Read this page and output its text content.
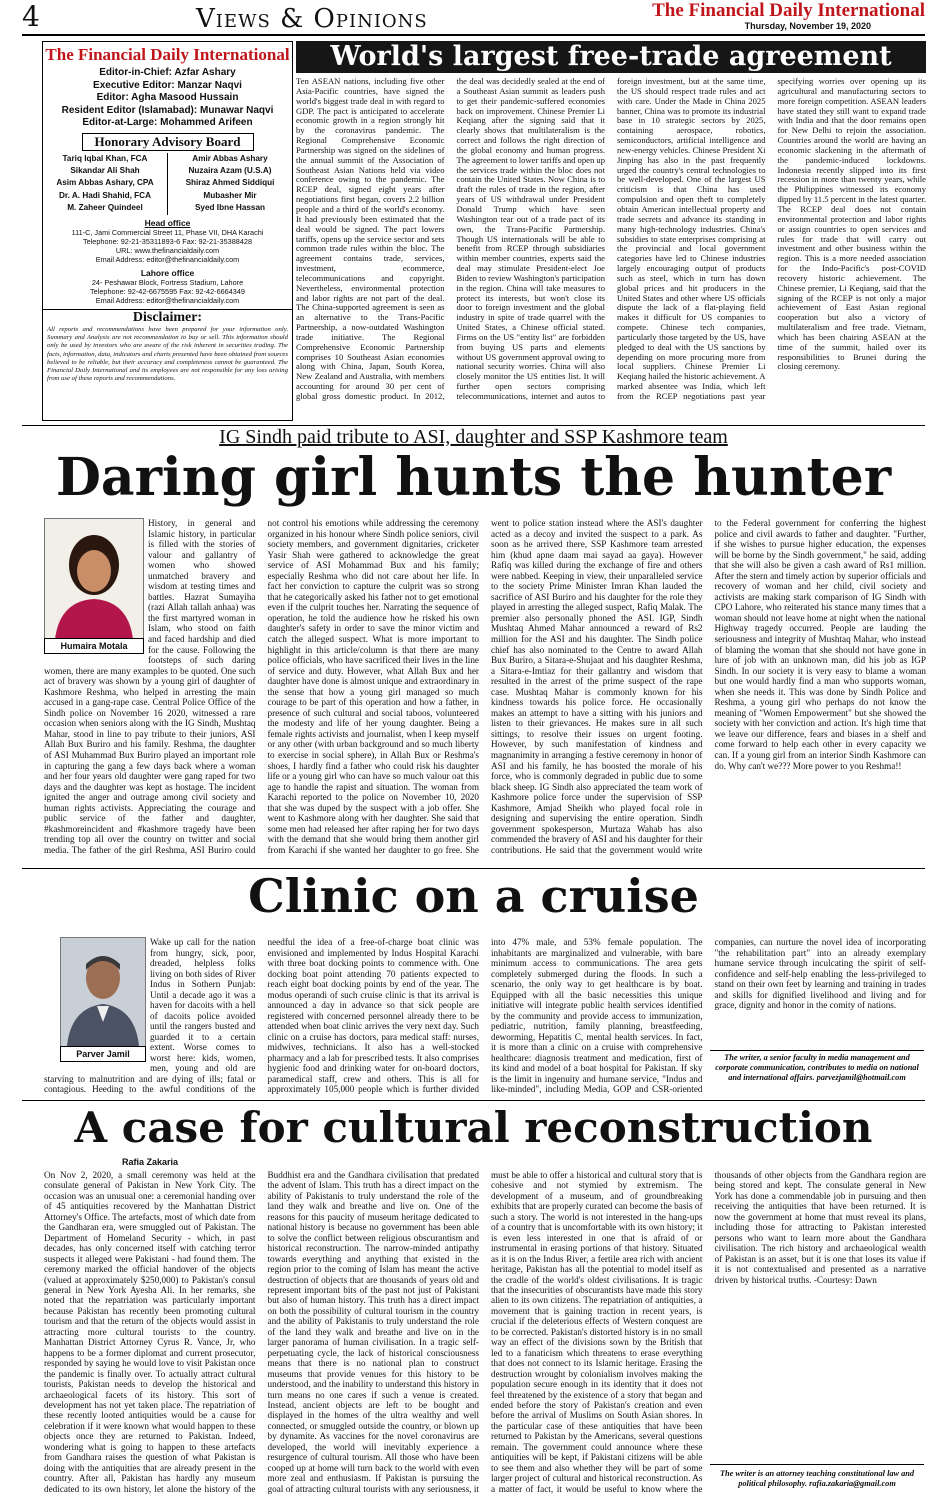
4	Views & Opinions	The Financial Daily International
Thursday, November 19, 2020
The Financial Daily International
Editor-in-Chief: Azfar Ashary
Executive Editor: Manzar Naqvi
Editor: Agha Masood Hussain
Resident Editor (Islamabad): Munawar Naqvi
Editor-at-Large: Mohammed Arifeen
Honorary Advisory Board
Tariq Iqbal Khan, FCA
Sikandar Ali Shah
Asim Abbas Ashary, CPA
Dr. A. Hadi Shahid, FCA
M. Zaheer Quindeel
Amir Abbas Ashary
Nuzaira Azam (U.S.A)
Shiraz Ahmed Siddiqui
Mubasher Mir
Syed Ibne Hassan
Head office
111-C, Jami Commercial Street 11, Phase VII, DHA Karachi
Telephone: 92-21-35311893-6 Fax: 92-21-35388428
URL: www.thefinancialdaily.com
Email Address: editor@thefinancialdaily.com
Lahore office
24- Peshawar Block, Fortress Stadium, Lahore
Telephone: 92-42-6675595 Fax: 92-42-6664349
Email Address: editor@thefinancialdaily.com
Disclaimer:
All reports and recommendations have been prepared for your information only. Summary and Analysis are not recommendation to buy or sell. This information should only be used by investors who are aware of the risk inherent in securities trading. The facts, information, data, indicators and charts presented have been obtained from sources believed to be reliable, but their accuracy and completeness cannot be guaranteed. The Financial Daily International and its employees are not responsible for any loss arising from use of these reports and recommendations.
World's largest free-trade agreement
Ten ASEAN nations, including five other Asia-Pacific countries, have signed the world's biggest trade deal in with regard to GDP. The pact is anticipated to accelerate economic growth in a region strongly hit by the coronavirus pandemic. The Regional Comprehensive Economic Partnership was signed on the sidelines of the annual summit of the Association of Southeast Asian Nations held via video conference owing to the pandemic. The RCEP deal, signed eight years after negotiations first began, covers 2.2 billion people and a third of the world's economy. It had previously been estimated that the deal would be signed. The pact lowers tariffs, opens up the service sector and sets common trade rules within the bloc. The agreement contains trade, services, investment, ecommerce, telecommunications and copyright. Nevertheless, environmental protection and labor rights are not part of the deal. The China-supported agreement is seen as an alternative to the Trans-Pacific Partnership, a now-outdated Washington trade initiative. The Regional Comprehensive Economic Partnership comprises 10 Southeast Asian economies along with China, Japan, South Korea, New Zealand and Australia, with members accounting for around 30 per cent of global gross domestic product. In 2012, the deal was decidedly sealed at the end of a Southeast Asian summit as leaders push to get their pandemic-suffered economies back on improvement. Chinese Premier Li Keqiang after the signing said that it clearly shows that multilateralism is the correct and follows the right direction of the global economy and human progress. The agreement to lower tariffs and open up the services trade within the bloc does not contain the United States. Now China is to draft the rules of trade in the region, after years of US withdrawal under President Donald Trump which have seen Washington tear out of a trade pact of its own, the Trans-Pacific Partnership. Though US internationals will be able to benefit from RCEP through subsidiaries within member countries, experts said the deal may stimulate President-elect Joe Biden to review Washington's participation in the region. China will take measures to protect its interests, but won't close its door to foreign investment and the global industry in spite of trade quarrel with the United States, a Chinese official stated. Firms on the US "entity list" are forbidden from buying US parts and elements without US government approval owing to national security worries. China will also closely monitor the US entities list. It will further open sectors comprising telecommunications, internet and autos to foreign investment, but at the same time, the US should respect trade rules and act with care. Under the Made in China 2025 banner, China was to promote its industrial base in 10 strategic sectors by 2025, containing aerospace, robotics, semiconductors, artificial intelligence and new-energy vehicles. Chinese President Xi Jinping has also in the past frequently urged the country's central technologies to be well-developed. One of the largest US criticism is that China has used compulsion and open theft to completely obtain American intellectual property and trade secrets and advance its standing in many high-technology industries. China's subsidies to state enterprises comprising at the provincial and local government categories have led to Chinese industries largely encouraging output of products such as steel, which in turn has down global prices and hit producers in the United States and other where US officials dispute the lack of a flat-playing field makes it difficult for US companies to compete. Chinese tech companies, particularly those targeted by the US, have pledged to deal with the US sanctions by depending on more procuring more from local suppliers. Chinese Premier Li Keqiang hailed the historic achievement. A marked absentee was India, which left from the RCEP negotiations past year specifying worries over opening up its agricultural and manufacturing sectors to more foreign competition. ASEAN leaders have stated they still want to expand trade with India and that the door remains open for New Delhi to rejoin the association. Countries around the world are having an economic slackening in the aftermath of the pandemic-induced lockdowns. Indonesia recently slipped into its first recession in more than twenty years, while the Philippines witnessed its economy dipped by 11.5 percent in the latest quarter. The RCEP deal does not contain environmental protection and labor rights or assign countries to open services and rules for trade that will carry out investment and other business within the region. This is a more needed association for the Indo-Pacific's post-COVID recovery historic achievement. The Chinese premier, Li Keqiang, said that the signing of the RCEP is not only a major achievement of East Asian regional cooperation but also a victory of multilateralism and free trade. Vietnam, which has been chairing ASEAN at the time of the summit, hailed over its responsibilities to Brunei during the closing ceremony.
IG Sindh paid tribute to ASI, daughter and SSP Kashmore team
Daring girl hunts the hunter
Humaira Motala
History, in general and Islamic history, in particular is filled with the stories of valour and gallantry of women who showed unmatched bravery and wisdom at testing times and battles. Hazrat Sumayiha (razi Allah tallah anhaa) was the first martyred woman in Islam, who stood on faith and faced hardship and died for the cause. Following the footsteps of such daring women, there are many examples to be quoted. One such act of bravery was shown by a young girl of daughter of Kashmore Reshma, who helped in arresting the main accused in a gang-rape case. Central Police Office of the Sindh police on November 16 2020, witnessed a rare occasion when seniors along with the IG Sindh, Mushtaq Mahar, stood in line to pay tribute to their juniors, ASI Allah Bux Buriro and his family. Reshma, the daughter of ASI Muhammad Bux Buriro played an important role in capturing the gang a few days back where a woman and her four years old daughter were gang raped for two days and the daughter was kept as hostage. The incident ignited the anger and outrage among civil society and human rights activists. Appreciating the courage and public service of the father and daughter, #kashmoreincident and #kashmore tragedy have been trending top all over the country on twitter and social media. The father of the girl Reshma, ASI Buriro could not control his emotions while addressing the ceremony organized in his honour where Sindh police seniors, civil society members, and government dignitaries, cricketer Yasir Shah were gathered to acknowledge the great service of ASI Mohammad Bux and his family; especially Reshma who did not care about her life. In fact her conviction to capture the culprit was so strong that he categorically asked his father not to get emotional even if the culprit touches her. Narrating the sequence of operation, he told the audience how he risked his own daughter's safety in order to save the minor victim and catch the alleged suspect. What is more important to highlight in this article/column is that there are many police officials, who have sacrificed their lives in the line of service and duty. However, what Allah Bux and her daughter have done is almost unique and extraordinary in the sense that how a young girl managed so much courage to be part of this operation and how a father, in presence of such cultural and social taboos, volunteered the modesty and life of her young daughter. Being a female rights activists and journalist, when I keep myself or any other (with urban background and so much liberty to exercise in social sphere), in Allah Bux or Reshma's shoes, I hardly find a father who could risk his daughter life or a young girl who can have so much valour oat this age to handle the rapist and situation. The woman from Karachi reported to the police on November 10, 2020 that she was duped by the suspect with a job offer. She went to Kashmore along with her daughter. She said that some men had released her after raping her for two days with the demand that she would bring them another girl from Karachi if she wanted her daughter to go free. She went to police station instead where the ASI's daughter acted as a decoy and invited the suspect to a park. As soon as he arrived there, SSP Kashmore team arrested him (khud apne daam mai sayad aa gaya). However Rafiq was killed during the exchange of fire and others were nabbed. Keeping in view, their unparalleled service to the society Prime Minister Imran Khan lauded the sacrifice of ASI Buriro and his daughter for the role they played in arresting the alleged suspect, Rafiq Malak. The premier also personally phoned the ASI. IGP, Sindh Mushtaq Ahmed Mahar announced a reward of Rs2 million for the ASI and his daughter. The Sindh police chief has also nominated to the Centre to award Allah Bux Buriro, a Sitara-e-Shujaat and his daughter Reshma, a Sitara-e-Imtiaz for their gallantry and wisdom that resulted in the arrest of the prime suspect of the rape case. Mushtaq Mahar is commonly known for his kindness towards his police force. He occasionally makes an attempt to have a sitting with his juniors and listen to their grievances. He makes sure in all such sittings, to resolve their issues on urgent footing. However, by such manifestation of kindness and magnanimity in arranging a festive ceremony in honor of ASI and his family, he has boosted the morale of his force, who is commonly degraded in public due to some black sheep. IG Sindh also appreciated the team work of Kashmore police force under the supervision of SSP Kashmore, Amjad Sheikh who played focal role in designing and supervising the entire operation. Sindh government spokesperson, Murtaza Wahab has also commended the bravery of ASI and his daughter for their contributions. He said that the government would write to the Federal government for conferring the highest police and civil awards to father and daughter. "Further, if she wishes to pursue higher education, the expenses will be borne by the Sindh government," he said, adding that she will also be given a cash award of Rs1 million. After the stern and timely action by superior officials and recovery of woman and her child, civil society and activists are making stark comparison of IG Sindh with CPO Lahore, who reiterated his stance many times that a woman should not leave home at night when the national Highway tragedy occurred. People are lauding the seriousness and integrity of Mushtaq Mahar, who instead of blaming the woman that she should not have gone in lure of job with an unknown man, did his job as IGP Sindh. In our society it is very easy to blame a woman but one would hardly find a man who supports woman, when she needs it. This was done by Sindh Police and Reshma, a young girl who perhaps do not know the meaning of "Women Empowerment" but she showed the society with her conviction and action. It's high time that we leave our difference, fears and biases in a shelf and come forward to help each other in every capacity we can. If a young girl from an interior Sindh Kashmore can do. Why can't we??? More power to you Reshma!!
Clinic on a cruise
Parver Jamil
Wake up call for the nation from hungry, sick, poor, dreaded, helpless folks living on both sides of River Indus in Sothern Punjab: Until a decade ago it was a haven for dacoits with a hell of dacoits police avoided until the rangers busted and guarded it to a certain extent. Worse comes to worst here: kids, women, men, young and old are starving to malnutrition and are dying of ills; fatal or contagious. Heeding to the awful conditions of the needful the idea of a free-of-charge boat clinic was envisioned and implemented by Indus Hospital Karachi with three boat docking points to commence with. One docking boat point attending 70 patients expected to reach eight boat docking points by end of the year. The modus operandi of such cruise clinic is that its arrival is announced a day in advance so that sick people are registered with concerned personnel already there to be attended when boat clinic arrives the very next day. Such clinic on a cruise has doctors, para medical staff: nurses, midwives, technicians. It also has a well-stocked pharmacy and a lab for prescribed tests. It also comprises hygienic food and drinking water for on-board doctors, paramedical staff, crew and others. This is all for approximately 105,000 people which is further divided into 47% male, and 53% female population. The inhabitants are marginalized and vulnerable, with bare minimum access to communications. The area gets completely submerged during the floods. In such a scenario, the only way to get healthcare is by boat. Equipped with all the basic necessities this unique initiative will integrate public health services identified by the community and provide access to immunization, pediatric, nutrition, family planning, breastfeeding, deworming, Hepatitis C, mental health services. In fact, it is more than a clinic on a cruise with comprehensive healthcare: diagnosis treatment and medication, first of its kind and model of a boat hospital for Pakistan. If sky is the limit in ingenuity and humane service, "Indus and like-minded", including Media, GOP and CSR-oriented companies, can nurture the novel idea of incorporating "the rehabilitation part" into an already exemplary humane service through inculcating the spirit of self-confidence and self-help enabling the less-privileged to stand on their own feet by learning and training in trades and skills for dignified livelihood and living and for grace, dignity and honor in the comity of nations.
The writer, a senior faculty in media management and corporate communication, contributes to media on national and international affairs. parvezjamil@hotmail.com
A case for cultural reconstruction
Rafia Zakaria
On Nov 2, 2020, a small ceremony was held at the consulate general of Pakistan in New York City. The occasion was an unusual one: a ceremonial handing over of 45 antiquities recovered by the Manhattan District Attorney's Office. The artefacts, most of which date from the Gandharan era, were smuggled out of Pakistan. The Department of Homeland Security - which, in past decades, has only concerned itself with catching terror suspects it alleged were Pakistani - had found them. The ceremony marked the official handover of the objects (valued at approximately $250,000) to Pakistan's consul general in New York Ayesha Ali. In her remarks, she noted that the repatriation was particularly important because Pakistan has recently been promoting cultural tourism and that the return of the objects would assist in attracting more cultural tourists to the country. Manhattan District Attorney Cyrus R. Vance, Jr, who happens to be a former diplomat and current prosecutor, responded by saying he would love to visit Pakistan once the pandemic is finally over. To actually attract cultural tourists, Pakistan needs to develop the historical and archaeological facets of its history. This sort of development has not yet taken place. The repatriation of these recently looted antiquities would be a cause for celebration if it were known what would happen to these objects once they are returned to Pakistan. Indeed, wondering what is going to happen to these artefacts from Gandhara raises the question of what Pakistan is doing with the antiquities that are already present in the country. After all, Pakistan has hardly any museum dedicated to its own history, let alone the history of the Buddhist era and the Gandhara civilisation that predated the advent of Islam. This truth has a direct impact on the ability of Pakistanis to truly understand the role of the land they walk and breathe and live on. One of the reasons for this paucity of museum heritage dedicated to national history is because no government has been able to solve the conflict between religious obscurantism and historical reconstruction. The narrow-minded antipathy towards everything and anything that existed in the region prior to the coming of Islam has meant the active destruction of objects that are thousands of years old and represent important bits of the past not just of Pakistani but also of human history. This truth has a direct impact on both the possibility of cultural tourism in the country and the ability of Pakistanis to truly understand the role of the land they walk and breathe and live on in the larger panorama of human civilisation. In a tragic self-perpetuating cycle, the lack of historical consciousness means that there is no national plan to construct museums that provide venues for this history to be understood, and the inability to understand this history in turn means no one cares if such a venue is created. Instead, ancient objects are left to be bought and displayed in the homes of the ultra wealthy and well connected, or smuggled outside the country, or blown up by dynamite. As vaccines for the novel coronavirus are developed, the world will inevitably experience a resurgence of cultural tourism. All those who have been cooped up at home will turn back to the world with even more zeal and enthusiasm. If Pakistan is pursuing the goal of attracting cultural tourists with any seriousness, it must be able to offer a historical and cultural story that is cohesive and not stymied by extremism. The development of a museum, and of groundbreaking exhibits that are properly curated can become the basis of such a story. The world is not interested in the hang-ups of a country that is uncomfortable with its own history; it is even less interested in one that is afraid of or instrumental in erasing portions of that history. Situated as it is on the Indus River, a fertile area rich with ancient heritage, Pakistan has all the potential to model itself as the cradle of the world's oldest civilisations. It is tragic that the insecurities of obscurantists have made this story alien to its own citizens. The repatriation of antiquities, a movement that is gaining traction in recent years, is crucial if the deleterious effects of Western conquest are to be corrected. Pakistan's distorted history is in no small way an effect of the divisions sown by the British that led to a fanaticism which threatens to erase everything that does not connect to its Islamic heritage. Erasing the destruction wrought by colonialism involves making the population secure enough in its identity that it does not feel threatened by the existence of a story that began and ended before the story of Pakistan's creation and even before the arrival of Muslims on South Asian shores. In the particular case of these antiquities that have been returned to Pakistan by the Americans, several questions remain. The government could announce where these antiquities will be kept, if Pakistani citizens will be able to see them and also whether they will be part of some larger project of cultural and historical reconstruction. As a matter of fact, it would be useful to know where the thousands of other objects from the Gandhara region are being stored and kept. The consulate general in New York has done a commendable job in pursuing and then receiving the antiquities that have been returned. It is now the government at home that must reveal its plans, including those for attracting to Pakistan interested persons who want to learn more about the Gandhara civilisation. The rich history and archaeological wealth of Pakistan is an asset, but it is one that loses its value if it is not contextualised and presented as a narrative driven by historical truths. -Courtesy: Dawn
The writer is an attorney teaching constitutional law and political philosophy. rafia.zakaria@gmail.com
